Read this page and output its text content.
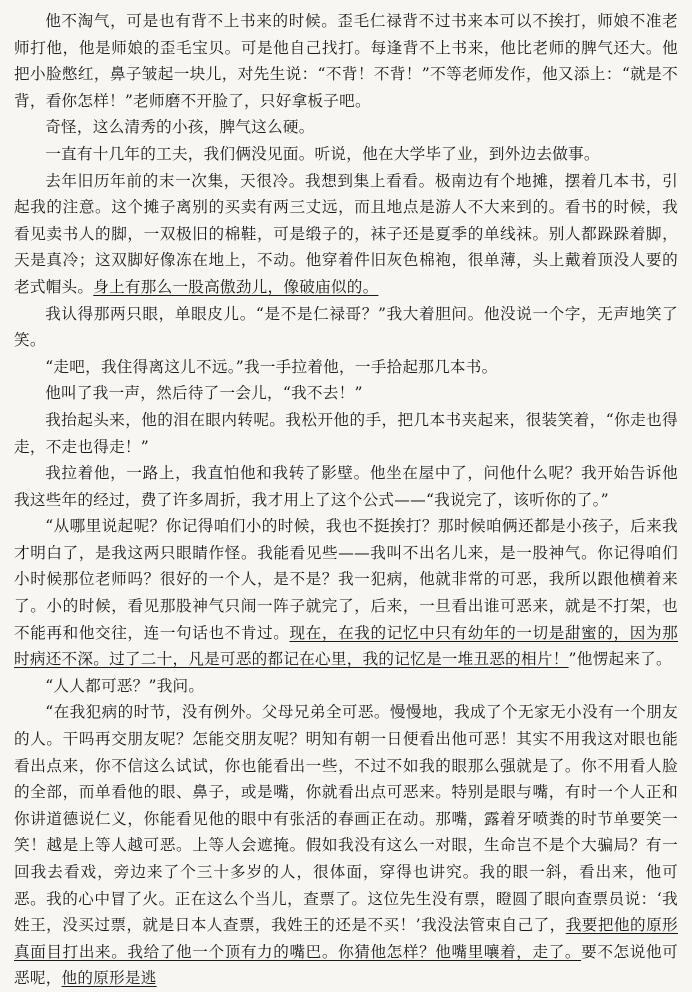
他不淘气，可是也有背不上书来的时候。歪毛仁禄背不过书来本可以不挨打，师娘不准老师打他，他是师娘的歪毛宝贝。可是他自己找打。每逢背不上书来，他比老师的脾气还大。他把小脸憋红，鼻子皱起一块儿，对先生说：“不背！不背！”不等老师发作，他又添上：“就是不背，看你怎样！”老师磨不开脸了，只好拿板子吧。

奇怪，这么清秀的小孩，脾气这么硬。

一直有十几年的工夫，我们俩没见面。听说，他在大学毕了业，到外边去做事。

去年旧历年前的末一次集，天很冷。我想到集上看看。极南边有个地摊，摆着几本书，引起我的注意。这个摊子离别的买卖有两三丈远，而且地点是游人不大来到的。看书的时候，我看见卖书人的脚，一双极旧的棉鞋，可是缎子的，袜子还是夏季的单线袜。别人都跺跺着脚，天是真冷；这双脚好像冻在地上，不动。他穿着件旧灰色棉袍，很单薄，头上戴着顶没人要的老式帽头。身上有那么一股高傲劲儿，像破庙似的。

我认得那两只眼，单眼皮儿。“是不是仁禄哥？”我大着胆问。他没说一个字，无声地笑了笑。

“走吧，我住得离这儿不远。”我一手拉着他，一手拾起那几本书。

他叫了我一声，然后待了一会儿，“我不去！”

我抬起头来，他的泪在眼内转呢。我松开他的手，把几本书夹起来，很装笑着，“你走也得走，不走也得走！”

我拉着他，一路上，我直怕他和我转了影壁。他坐在屋中了，问他什么呢？我开始告诉他我这些年的经过，费了许多周折，我才用上了这个公式——“我说完了，该听你的了。”

“从哪里说起呢？你记得咱们小的时候，我也不挺挨打？那时候咱俩还都是小孩子，后来我才明白了，是我这两只眼睛作怪。我能看见些——我叫不出名儿来，是一股神气。你记得咱们小时候那位老师吗？很好的一个人，是不是？我一犯病，他就非常的可恶，我所以跟他横着来了。小的时候，看见那股神气只闹一阵子就完了，后来，一旦看出谁可恶来，就是不打架，也不能再和他交往，连一句话也不肯过。现在，在我的记忆中只有幼年的一切是甜蜜的，因为那时病还不深。过了二十，凡是可恶的都记在心里，我的记忆是一堆丑恶的相片！”他愣起来了。

“人人都可恶？”我问。

“在我犯病的时节，没有例外。父母兄弟全可恶。慢慢地，我成了个无家无小没有一个朋友的人。干吗再交朋友呢？怎能交朋友呢？明知有朝一日便看出他可恶！其实不用我这对眼也能看出点来，你不信这么试试，你也能看出一些，不过不如我的眼那么强就是了。你不用看人脸的全部，而单看他的眼、鼻子，或是嘴，你就看出点可恶来。特别是眼与嘴，有时一个人正和你讲道德说仁义，你能看见他的眼中有张活的春画正在动。那嘴，露着牙喷粪的时节单要笑一笑！越是上等人越可恶。上等人会遮掩。假如我没有这么一对眼，生命岂不是个大骗局？有一回我去看戏，旁边来了个三十多岁的人，很体面，穿得也讲究。我的眼一斜，看出来，他可恶。我的心中冒了火。正在这么个当儿，查票了。这位先生没有票，瞪圆了眼向查票员说：‘我姓王，没买过票，就是日本人查票，我姓王的还是不买！’我没法管束自己了，我要把他的原形真面目打出来。我给了他一个顶有力的嘴巴。你猜他怎样？他嘴里嚷着，走了。要不怎说他可恶呢，他的原形是逃
